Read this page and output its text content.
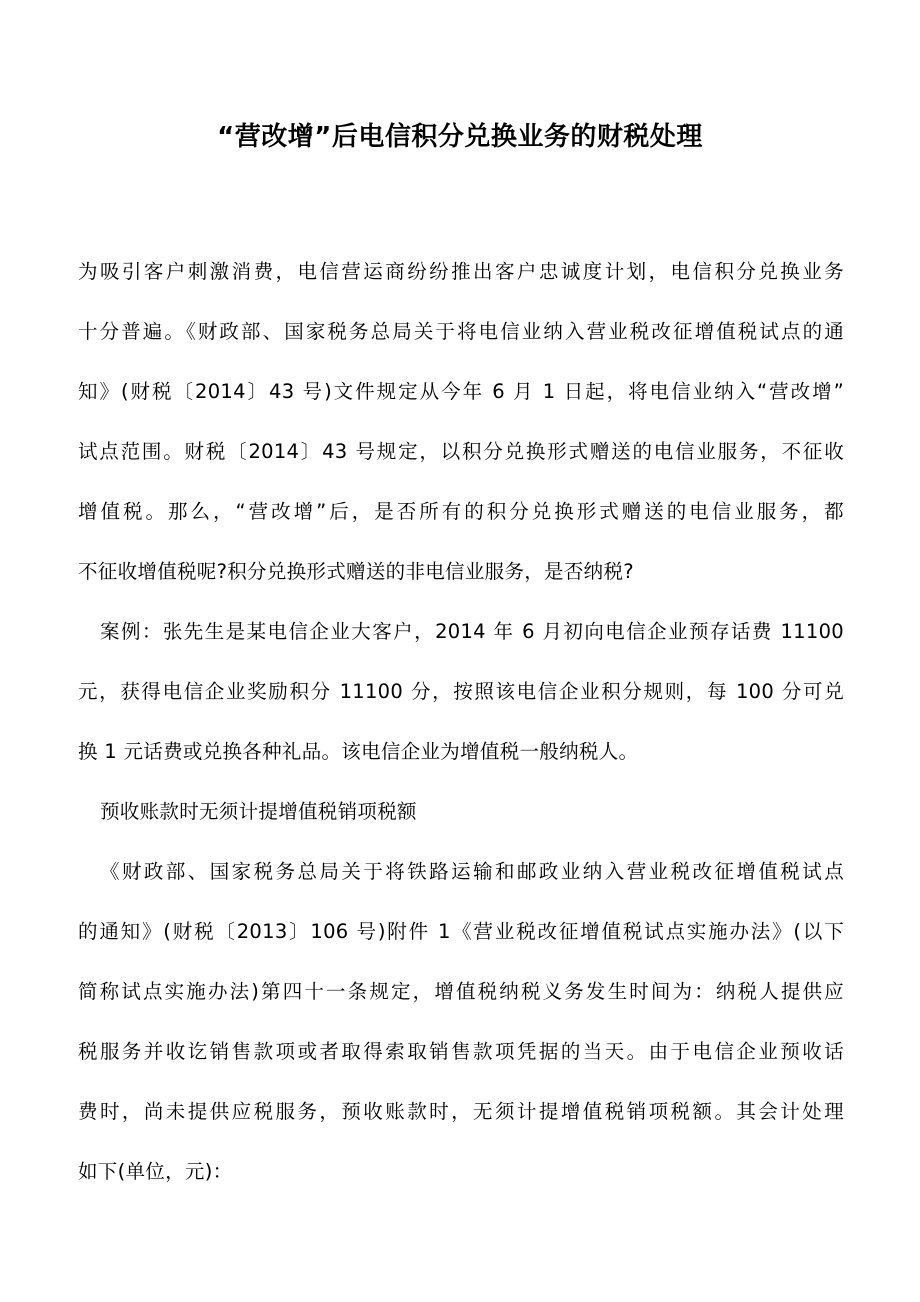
“营改增”后电信积分兑换业务的财税处理
为吸引客户刺激消费，电信营运商纷纷推出客户忠诚度计划，电信积分兑换业务
十分普遍。《财政部、国家税务总局关于将电信业纳入营业税改征增值税试点的通
知》(财税〔2014〕43 号)文件规定从今年 6 月 1 日起，将电信业纳入“营改增”
试点范围。财税〔2014〕43 号规定，以积分兑换形式赠送的电信业服务，不征收
增值税。那么，“营改增”后，是否所有的积分兑换形式赠送的电信业服务，都
不征收增值税呢?积分兑换形式赠送的非电信业服务，是否纳税?
案例：张先生是某电信企业大客户，2014 年 6 月初向电信企业预存话费 11100
元，获得电信企业奖励积分 11100 分，按照该电信企业积分规则，每 100 分可兑
换 1 元话费或兑换各种礼品。该电信企业为增值税一般纳税人。
预收账款时无须计提增值税销项税额
《财政部、国家税务总局关于将铁路运输和邮政业纳入营业税改征增值税试点
的通知》(财税〔2013〕106 号)附件 1《营业税改征增值税试点实施办法》(以下
简称试点实施办法)第四十一条规定，增值税纳税义务发生时间为：纳税人提供应
税服务并收讫销售款项或者取得索取销售款项凭据的当天。由于电信企业预收话
费时，尚未提供应税服务，预收账款时，无须计提增值税销项税额。其会计处理
如下(单位，元)：
